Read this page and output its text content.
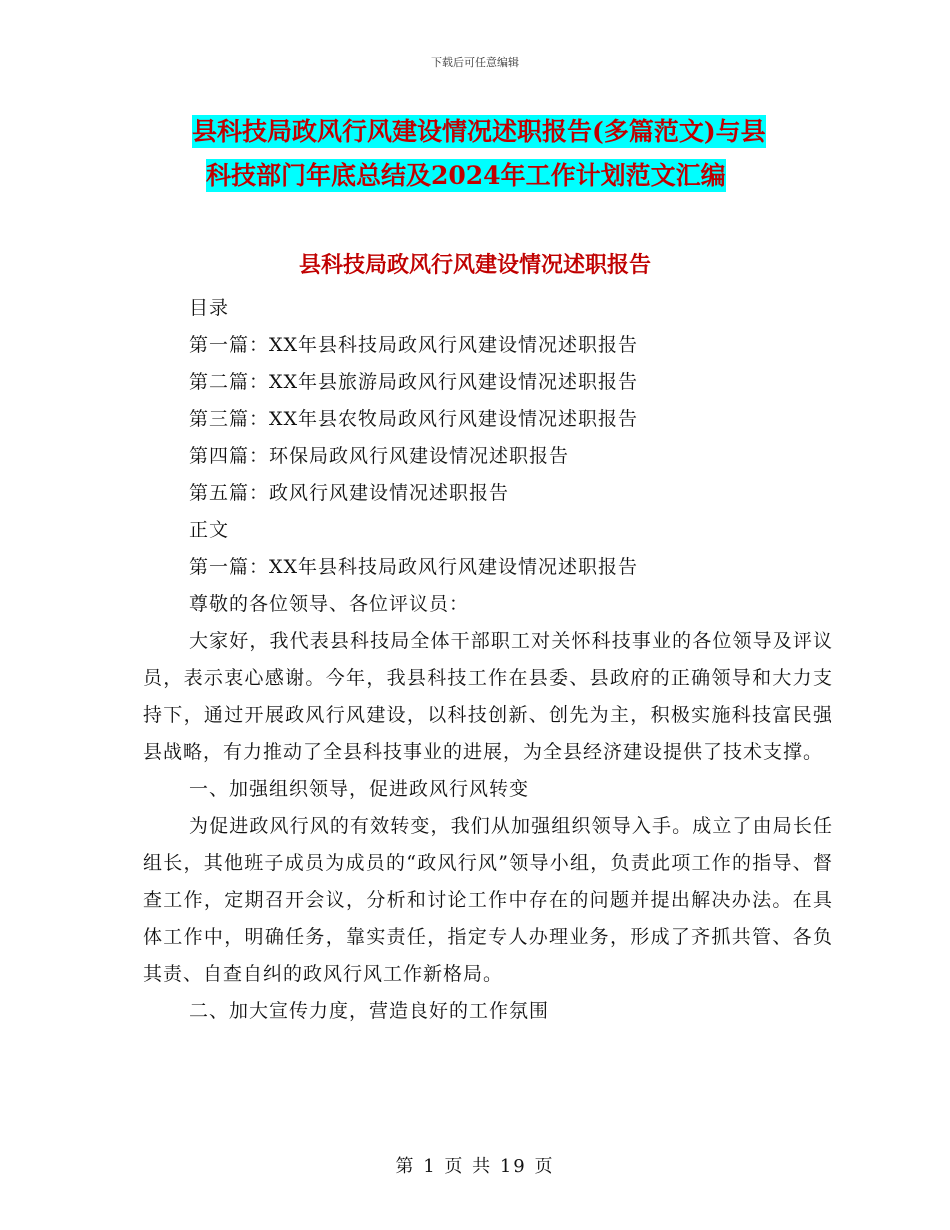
下载后可任意编辑
县科技局政风行风建设情况述职报告(多篇范文)与县
科技部门年底总结及2024年工作计划范文汇编
县科技局政风行风建设情况述职报告
目录
第一篇：XX年县科技局政风行风建设情况述职报告
第二篇：XX年县旅游局政风行风建设情况述职报告
第三篇：XX年县农牧局政风行风建设情况述职报告
第四篇：环保局政风行风建设情况述职报告
第五篇：政风行风建设情况述职报告
正文
第一篇：XX年县科技局政风行风建设情况述职报告
尊敬的各位领导、各位评议员：

大家好，我代表县科技局全体干部职工对关怀科技事业的各位领导及评议员，表示衷心感谢。今年，我县科技工作在县委、县政府的正确领导和大力支持下，通过开展政风行风建设，以科技创新、创先为主，积极实施科技富民强县战略，有力推动了全县科技事业的进展，为全县经济建设提供了技术支撑。

一、加强组织领导，促进政风行风转变

为促进政风行风的有效转变，我们从加强组织领导入手。成立了由局长任组长，其他班子成员为成员的“政风行风”领导小组，负责此项工作的指导、督查工作，定期召开会议，分析和讨论工作中存在的问题并提出解决办法。在具体工作中，明确任务，靠实责任，指定专人办理业务，形成了齐抓共管、各负其责、自查自纠的政风行风工作新格局。

二、加大宣传力度，营造良好的工作氛围
第 1 页 共 19 页
